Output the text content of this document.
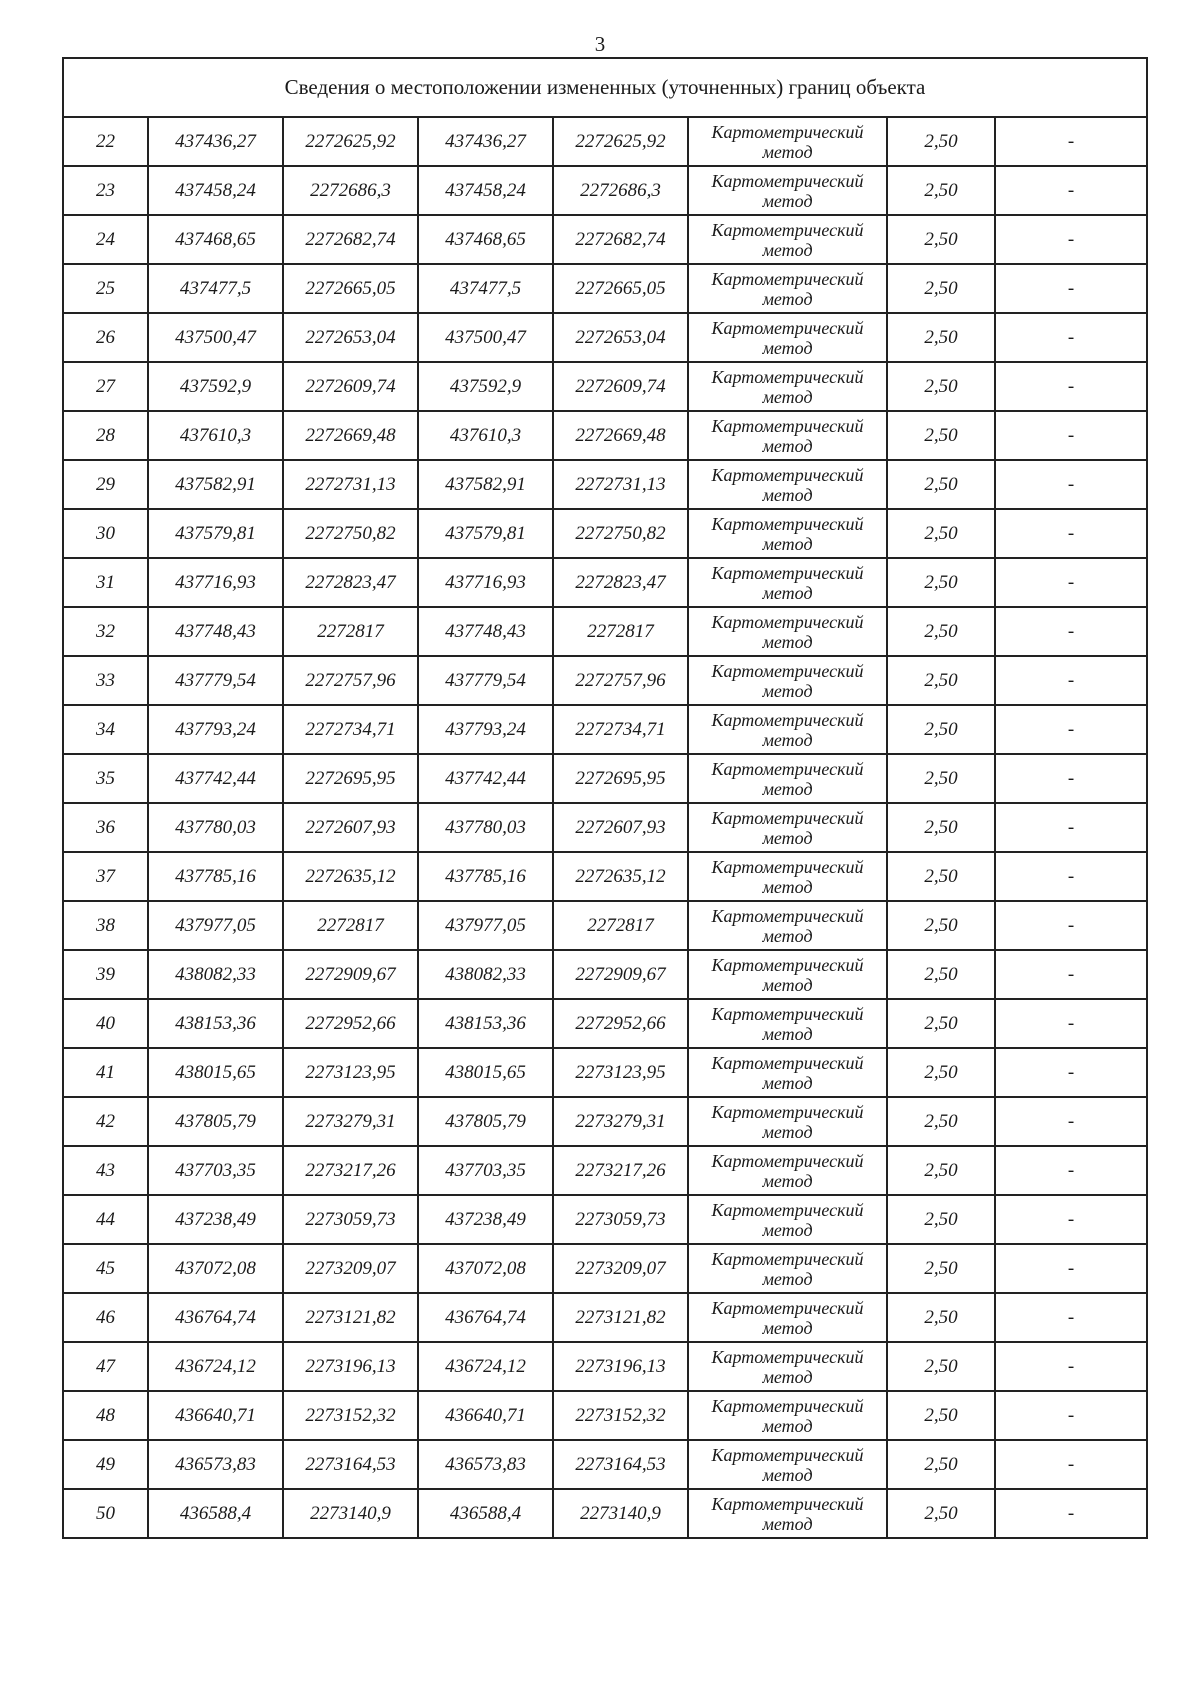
3
Сведения о местоположении измененных (уточненных) границ объекта							
22	437436,27	2272625,92	437436,27	2272625,92	Картометрический
метод	2,50	-
23	437458,24	2272686,3	437458,24	2272686,3	Картометрический
метод	2,50	-
24	437468,65	2272682,74	437468,65	2272682,74	Картометрический
метод	2,50	-
25	437477,5	2272665,05	437477,5	2272665,05	Картометрический
метод	2,50	-
26	437500,47	2272653,04	437500,47	2272653,04	Картометрический
метод	2,50	-
27	437592,9	2272609,74	437592,9	2272609,74	Картометрический
метод	2,50	-
28	437610,3	2272669,48	437610,3	2272669,48	Картометрический
метод	2,50	-
29	437582,91	2272731,13	437582,91	2272731,13	Картометрический
метод	2,50	-
30	437579,81	2272750,82	437579,81	2272750,82	Картометрический
метод	2,50	-
31	437716,93	2272823,47	437716,93	2272823,47	Картометрический
метод	2,50	-
32	437748,43	2272817	437748,43	2272817	Картометрический
метод	2,50	-
33	437779,54	2272757,96	437779,54	2272757,96	Картометрический
метод	2,50	-
34	437793,24	2272734,71	437793,24	2272734,71	Картометрический
метод	2,50	-
35	437742,44	2272695,95	437742,44	2272695,95	Картометрический
метод	2,50	-
36	437780,03	2272607,93	437780,03	2272607,93	Картометрический
метод	2,50	-
37	437785,16	2272635,12	437785,16	2272635,12	Картометрический
метод	2,50	-
38	437977,05	2272817	437977,05	2272817	Картометрический
метод	2,50	-
39	438082,33	2272909,67	438082,33	2272909,67	Картометрический
метод	2,50	-
40	438153,36	2272952,66	438153,36	2272952,66	Картометрический
метод	2,50	-
41	438015,65	2273123,95	438015,65	2273123,95	Картометрический
метод	2,50	-
42	437805,79	2273279,31	437805,79	2273279,31	Картометрический
метод	2,50	-
43	437703,35	2273217,26	437703,35	2273217,26	Картометрический
метод	2,50	-
44	437238,49	2273059,73	437238,49	2273059,73	Картометрический
метод	2,50	-
45	437072,08	2273209,07	437072,08	2273209,07	Картометрический
метод	2,50	-
46	436764,74	2273121,82	436764,74	2273121,82	Картометрический
метод	2,50	-
47	436724,12	2273196,13	436724,12	2273196,13	Картометрический
метод	2,50	-
48	436640,71	2273152,32	436640,71	2273152,32	Картометрический
метод	2,50	-
49	436573,83	2273164,53	436573,83	2273164,53	Картометрический
метод	2,50	-
50	436588,4	2273140,9	436588,4	2273140,9	Картометрический
метод	2,50	-
